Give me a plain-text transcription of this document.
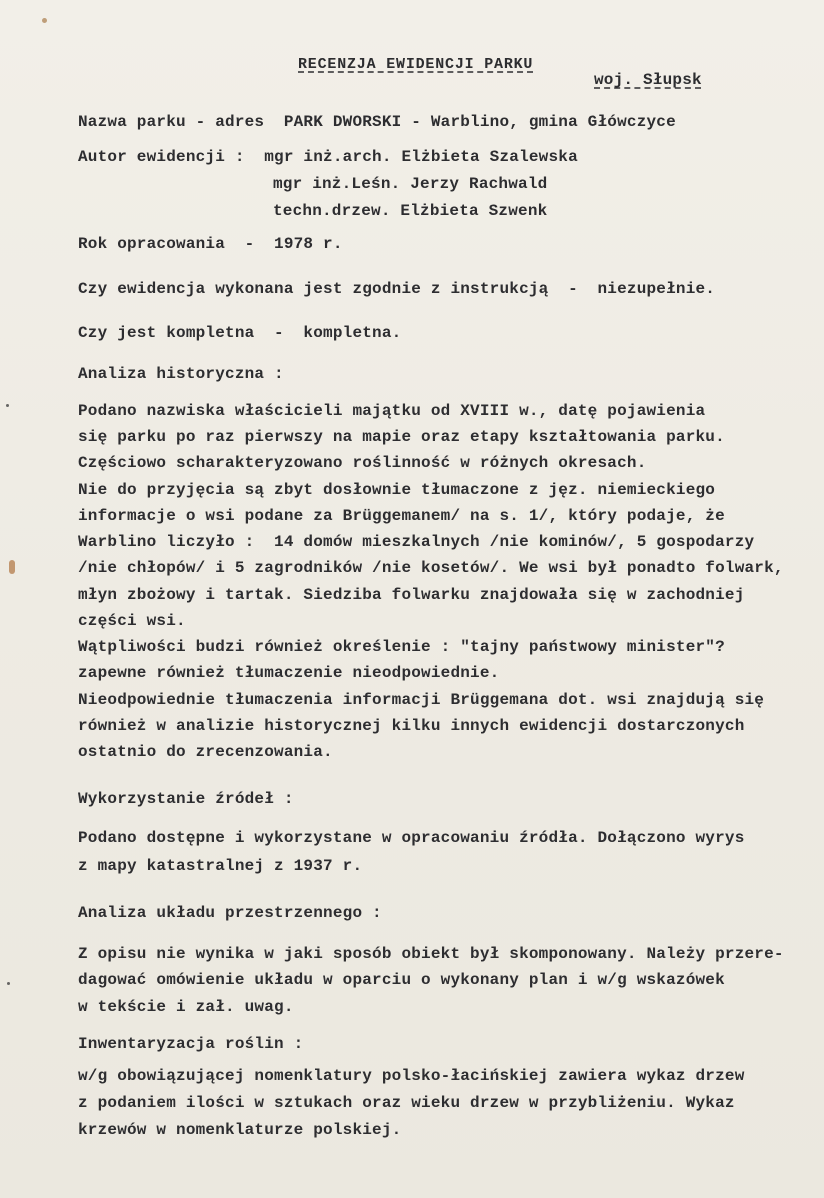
RECENZJA EWIDENCJI PARKU
woj. Słupsk
Nazwa parku - adres  PARK DWORSKI - Warblino, gmina Główczyce
Autor ewidencji :  mgr inż.arch. Elżbieta Szalewska
mgr inż.Leśn. Jerzy Rachwald
techn.drzew. Elżbieta Szwenk
Rok opracowania  -  1978 r.
Czy ewidencja wykonana jest zgodnie z instrukcją  -  niezupełnie.
Czy jest kompletna  -  kompletna.
Analiza historyczna :
Podano nazwiska właścicieli majątku od XVIII w., datę pojawienia
się parku po raz pierwszy na mapie oraz etapy kształtowania parku.
Częściowo scharakteryzowano roślinność w różnych okresach.
Nie do przyjęcia są zbyt dosłownie tłumaczone z jęz. niemieckiego
informacje o wsi podane za Brüggemanem/ na s. 1/, który podaje, że
Warblino liczyło :  14 domów mieszkalnych /nie kominów/, 5 gospodarzy
/nie chłopów/ i 5 zagrodników /nie kosetów/. We wsi był ponadto folwark,
młyn zbożowy i tartak. Siedziba folwarku znajdowała się w zachodniej
części wsi.
Wątpliwości budzi również określenie : "tajny państwowy minister"?
zapewne również tłumaczenie nieodpowiednie.
Nieodpowiednie tłumaczenia informacji Brüggemana dot. wsi znajdują się
również w analizie historycznej kilku innych ewidencji dostarczonych
ostatnio do zrecenzowania.
Wykorzystanie źródeł :
Podano dostępne i wykorzystane w opracowaniu źródła. Dołączono wyrys
z mapy katastralnej z 1937 r.
Analiza układu przestrzennego :
Z opisu nie wynika w jaki sposób obiekt był skomponowany. Należy przere-
dagować omówienie układu w oparciu o wykonany plan i w/g wskazówek
w tekście i zał. uwag.
Inwentaryzacja roślin :
w/g obowiązującej nomenklatury polsko-łacińskiej zawiera wykaz drzew
z podaniem ilości w sztukach oraz wieku drzew w przybliżeniu. Wykaz
krzewów w nomenklaturze polskiej.
